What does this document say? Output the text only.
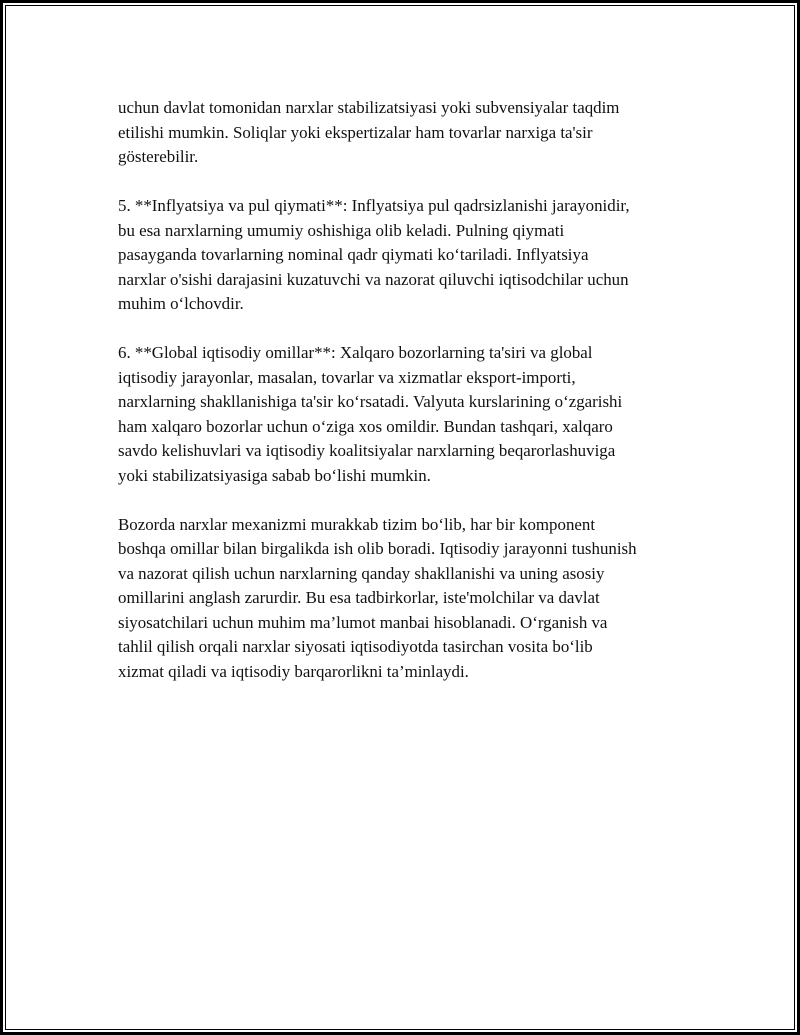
uchun davlat tomonidan narxlar stabilizatsiyasi yoki subvensiyalar taqdim
etilishi mumkin. Soliqlar yoki ekspertizalar ham tovarlar narxiga ta'sir
gösterebilir.

5. **Inflyatsiya va pul qiymati**: Inflyatsiya pul qadrsizlanishi jarayonidir,
bu esa narxlarning umumiy oshishiga olib keladi. Pulning qiymati
pasayganda tovarlarning nominal qadr qiymati ko‘tariladi. Inflyatsiya
narxlar o'sishi darajasini kuzatuvchi va nazorat qiluvchi iqtisodchilar uchun
muhim o‘lchovdir.

6. **Global iqtisodiy omillar**: Xalqaro bozorlarning ta'siri va global
iqtisodiy jarayonlar, masalan, tovarlar va xizmatlar eksport-importi,
narxlarning shakllanishiga ta'sir ko‘rsatadi. Valyuta kurslarining o‘zgarishi
ham xalqaro bozorlar uchun o‘ziga xos omildir. Bundan tashqari, xalqaro
savdo kelishuvlari va iqtisodiy koalitsiyalar narxlarning beqarorlashuviga
yoki stabilizatsiyasiga sabab bo‘lishi mumkin.

Bozorda narxlar mexanizmi murakkab tizim bo‘lib, har bir komponent
boshqa omillar bilan birgalikda ish olib boradi. Iqtisodiy jarayonni tushunish
va nazorat qilish uchun narxlarning qanday shakllanishi va uning asosiy
omillarini anglash zarurdir. Bu esa tadbirkorlar, iste'molchilar va davlat
siyosatchilari uchun muhim ma’lumot manbai hisoblanadi. O‘rganish va
tahlil qilish orqali narxlar siyosati iqtisodiyotda tasirchan vosita bo‘lib
xizmat qiladi va iqtisodiy barqarorlikni ta’minlaydi.
